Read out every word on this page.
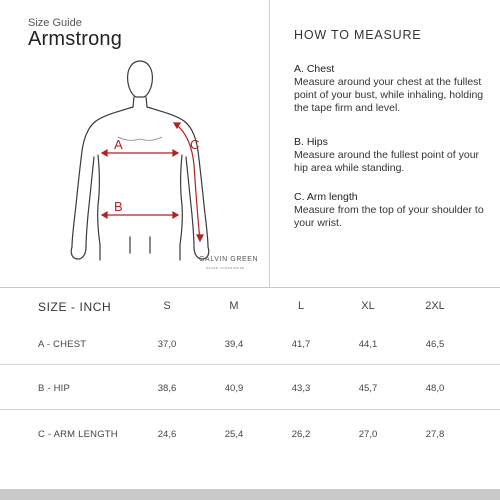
Size Guide
Armstrong
A
B
C
GALVIN GREEN
NEVER COMPROMISE
HOW TO MEASURE
A. Chest
Measure around your chest at the fullest point of your bust, while inhaling, holding the tape firm and level.
B. Hips
Measure around the fullest point of your hip area while standing.
C. Arm length
Measure from the top of your shoulder to your wrist.
SIZE - INCH	S	M	L	XL	2XL
A - CHEST	37,0	39,4	41,7	44,1	46,5
B - HIP	38,6	40,9	43,3	45,7	48,0
C - ARM LENGTH	24,6	25,4	26,2	27,0	27,8
